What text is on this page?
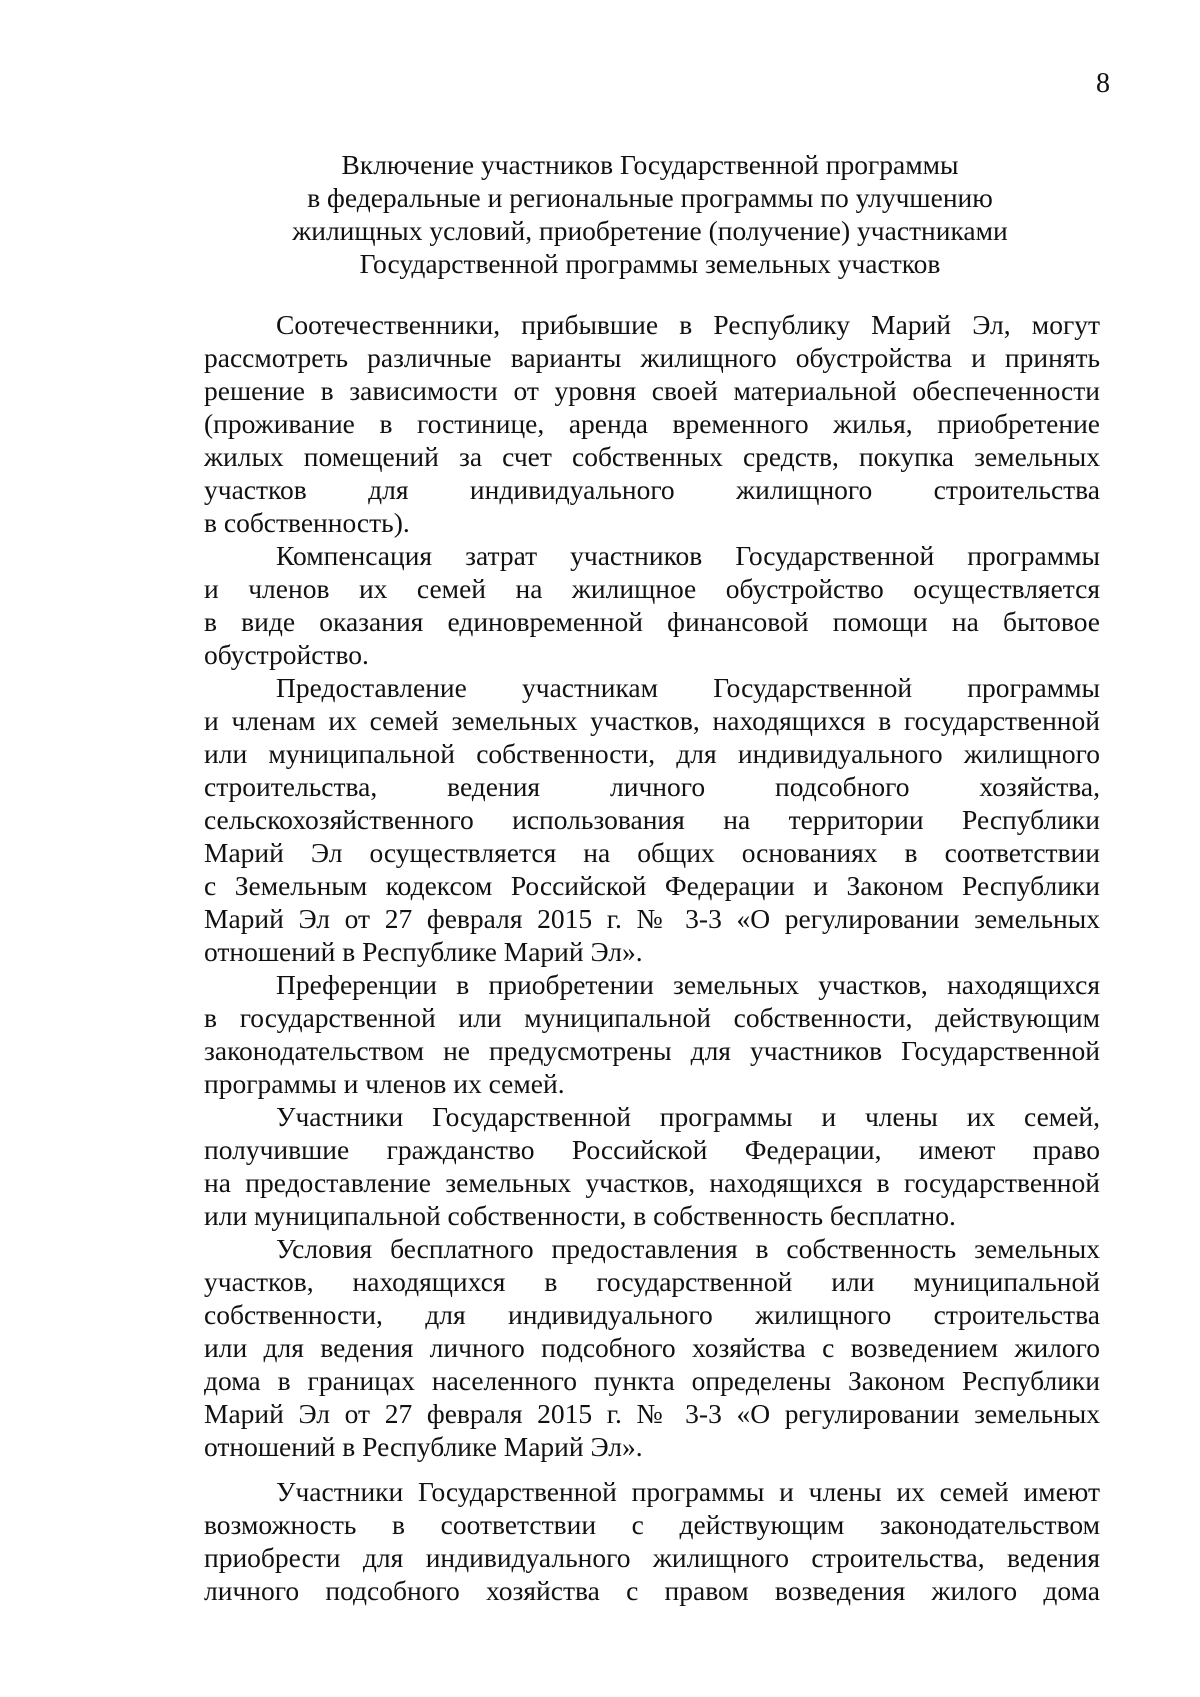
8
Включение участников Государственной программы
в федеральные и региональные программы по улучшению
жилищных условий, приобретение (получение) участниками
Государственной программы земельных участков
Соотечественники, прибывшие в Республику Марий Эл, могут
рассмотреть различные варианты жилищного обустройства и принять
решение в зависимости от уровня своей материальной обеспеченности
(проживание в гостинице, аренда временного жилья, приобретение
жилых помещений за счет собственных средств, покупка земельных
участков для индивидуального жилищного строительства
в собственность).
Компенсация затрат участников Государственной программы
и членов их семей на жилищное обустройство осуществляется
в виде оказания единовременной финансовой помощи на бытовое
обустройство.
Предоставление участникам Государственной программы
и членам их семей земельных участков, находящихся в государственной
или муниципальной собственности, для индивидуального жилищного
строительства, ведения личного подсобного хозяйства,
сельскохозяйственного использования на территории Республики
Марий Эл осуществляется на общих основаниях в соответствии
с Земельным кодексом Российской Федерации и Законом Республики
Марий Эл от 27 февраля 2015 г. № 3-3 «О регулировании земельных
отношений в Республике Марий Эл».
Преференции в приобретении земельных участков, находящихся
в государственной или муниципальной собственности, действующим
законодательством не предусмотрены для участников Государственной
программы и членов их семей.
Участники Государственной программы и члены их семей,
получившие гражданство Российской Федерации, имеют право
на предоставление земельных участков, находящихся в государственной
или муниципальной собственности, в собственность бесплатно.
Условия бесплатного предоставления в собственность земельных
участков, находящихся в государственной или муниципальной
собственности, для индивидуального жилищного строительства
или для ведения личного подсобного хозяйства с возведением жилого
дома в границах населенного пункта определены Законом Республики
Марий Эл от 27 февраля 2015 г. № 3-3 «О регулировании земельных
отношений в Республике Марий Эл».
Участники Государственной программы и члены их семей имеют
возможность в соответствии с действующим законодательством
приобрести для индивидуального жилищного строительства, ведения
личного подсобного хозяйства с правом возведения жилого дома
